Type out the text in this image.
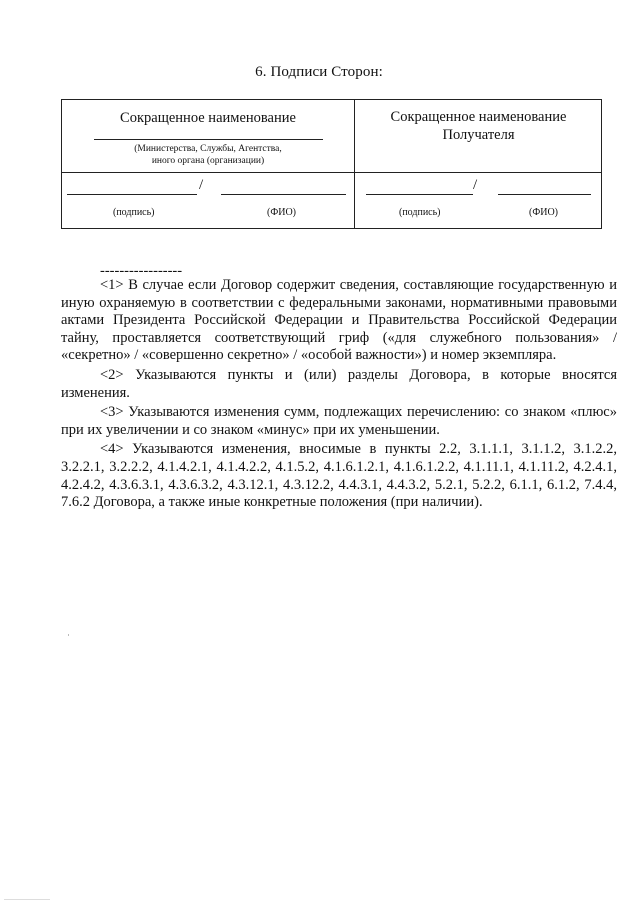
6. Подписи Сторон:
Сокращенное наименование
(Министерства, Службы, Агентства,
иного органа (организации)
Сокращенное наименование
Получателя
/
(подпись)	(ФИО)
/
(подпись)	(ФИО)
-----------------

<1> В случае если Договор содержит сведения, составляющие государственную и иную охраняемую в соответствии с федеральными законами, нормативными правовыми актами Президента Российской Федерации и Правительства Российской Федерации тайну, проставляется соответствующий гриф («для служебного пользования» / «секретно» / «совершенно секретно» / «особой важности») и номер экземпляра.

<2> Указываются пункты и (или) разделы Договора, в которые вносятся изменения.

<3> Указываются изменения сумм, подлежащих перечислению: со знаком «плюс» при их увеличении и со знаком «минус» при их уменьшении.

<4> Указываются изменения, вносимые в пункты 2.2, 3.1.1.1, 3.1.1.2, 3.1.2.2, 3.2.2.1, 3.2.2.2, 4.1.4.2.1, 4.1.4.2.2, 4.1.5.2, 4.1.6.1.2.1, 4.1.6.1.2.2, 4.1.11.1, 4.1.11.2, 4.2.4.1, 4.2.4.2, 4.3.6.3.1, 4.3.6.3.2, 4.3.12.1, 4.3.12.2, 4.4.3.1, 4.4.3.2, 5.2.1, 5.2.2, 6.1.1, 6.1.2, 7.4.4, 7.6.2 Договора, а также иные конкретные положения (при наличии).
